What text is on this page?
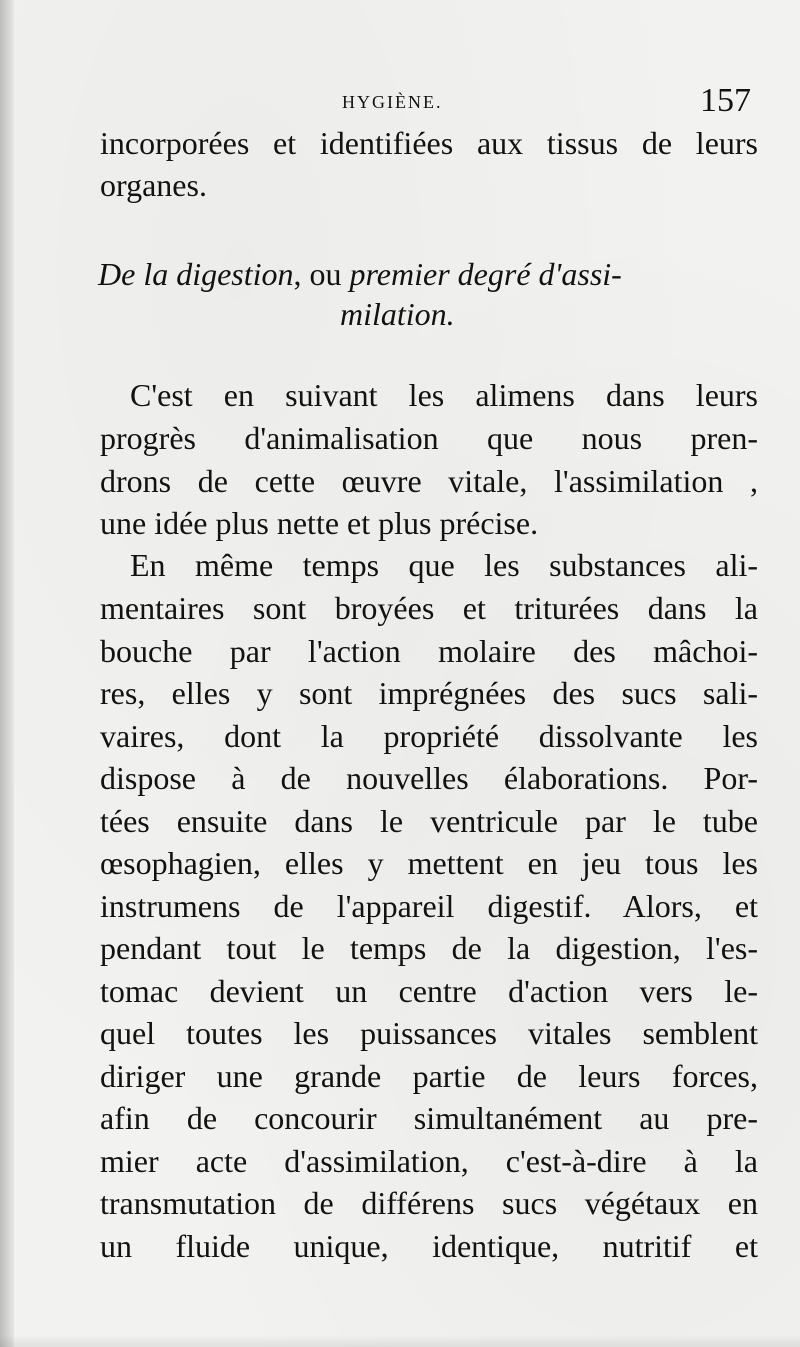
HYGIÈNE.	157
incorporées et identifiées aux tissus de leurs
organes.
De la digestion, ou premier degré d'assi-
milation.
C'est en suivant les alimens dans leurs
progrès d'animalisation que nous pren-
drons de cette œuvre vitale, l'assimilation ,
une idée plus nette et plus précise.
En même temps que les substances ali-
mentaires sont broyées et triturées dans la
bouche par l'action molaire des mâchoi-
res, elles y sont imprégnées des sucs sali-
vaires, dont la propriété dissolvante les
dispose à de nouvelles élaborations. Por-
tées ensuite dans le ventricule par le tube
œsophagien, elles y mettent en jeu tous les
instrumens de l'appareil digestif. Alors, et
pendant tout le temps de la digestion, l'es-
tomac devient un centre d'action vers le-
quel toutes les puissances vitales semblent
diriger une grande partie de leurs forces,
afin de concourir simultanément au pre-
mier acte d'assimilation, c'est-à-dire à la
transmutation de différens sucs végétaux en
un fluide unique, identique, nutritif et
